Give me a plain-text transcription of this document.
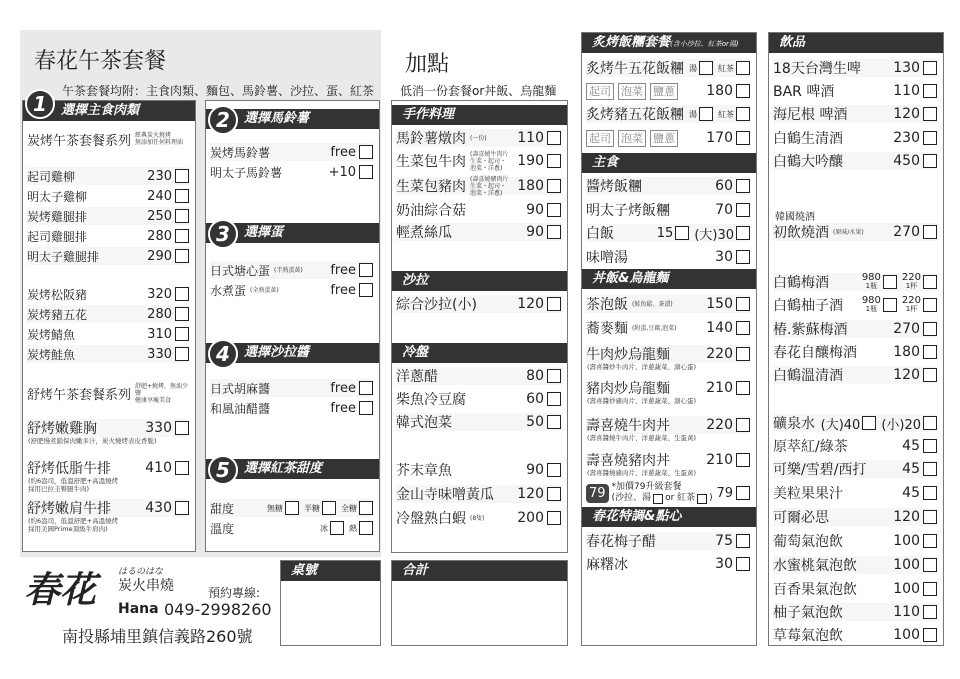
春花午茶套餐
午茶套餐均附：主食肉類、麵包、馬鈴薯、沙拉、蛋、紅茶
加點
低消一份套餐or丼飯、烏龍麵
選擇主食肉類
1
炭烤午茶套餐系列 經典炭火燒烤
無添加任何料理油
起司雞柳	230
明太子雞柳	240
炭烤雞腿排	250
起司雞腿排	280
明太子雞腿排	290
炭烤松阪豬	320
炭烤豬五花	280
炭烤鯖魚	310
炭烤鮭魚	330
舒烤午茶套餐系列
舒肥+燒烤，無油少鹽
健康享瘦美食
舒烤嫩雞胸	330
(舒肥慢煮鎖保肉嫩多汁，炭火燒烤表皮香脆)
舒烤低脂牛排 410
(約6盎司，低溫舒肥+高溫燒烤
採用巴拉圭臀腿牛肉)
舒烤嫩肩牛排 430
(約6盎司，低溫舒肥+高溫燒烤
採用美國Prime頂級牛肩肉)
選擇馬鈴薯
2
炭烤馬鈴薯	free
明太子馬鈴薯	+10
選擇蛋
3
日式塘心蛋 (半熟蛋黃) free
水煮蛋 (全熟蛋黃)	free
選擇沙拉醬
4
日式胡麻醬	free
和風油醋醬	free
選擇紅茶甜度
5
甜度	無糖	半糖	全糖
溫度	冰	熱
手作料理
馬鈴薯燉肉 (一份) 110
生菜包牛肉 (壽喜燒牛肉片
生菜・起司・
泡菜・洋蔥)	190
生菜包豬肉 (壽喜燒豬肉片
生菜・起司・
泡菜・洋蔥)	180
奶油綜合菇	90
輕煮絲瓜	90
沙拉
綜合沙拉(小)	120
冷盤
洋蔥醋	80
柴魚冷豆腐	60
韓式泡菜	50
芥末章魚	90
金山寺味噌黃瓜 120
冷盤熟白蝦 (8隻) 200
炙烤飯糰套餐(含小沙拉、紅茶or湯)
炙烤牛五花飯糰 湯	紅茶
起司 泡菜 鹽蔥 180
炙烤豬五花飯糰 湯	紅茶
起司 泡菜 鹽蔥 170
主食
醬烤飯糰	60
明太子烤飯糰	70
白飯	15 (大)30
味噌湯	30
丼飯&烏龍麵
茶泡飯 (鮭魚鬆、茶漬) 150
蕎麥麵 (附蛋,豆腐,泡菜) 140
牛肉炒烏龍麵	220
(壽喜醬炒牛肉片、洋蔥蔬菜、溏心蛋)
豬肉炒烏龍麵	210
(壽喜醬炒豬肉片、洋蔥蔬菜、溏心蛋)
壽喜燒牛肉丼	220
(壽喜醬燒牛肉片、洋蔥蔬菜、生蛋黃)
壽喜燒豬肉丼	210
(壽喜醬燒豬肉片、洋蔥蔬菜、生蛋黃)
79 *加價79升級套餐
(沙拉、湯 or 紅茶 ) 79
春花特調&點心
春花梅子醋	75
麻糬冰	30
飲品
18天台灣生啤 130
BAR 啤酒	110
海尼根 啤酒	120
白鶴生清酒	230
白鶴大吟釀	450
韓國燒酒
初飲燒酒 (原味/水果) 270
白鶴梅酒	980
1瓶
220
1杯
白鶴柚子酒 980
1瓶
220
1杯
椿.紫蘇梅酒	270
春花自釀梅酒	180
白鶴溫清酒	120
礦泉水 (大)40 (小)20
原萃紅/綠茶	45
可樂/雪碧/西打	45
美粒果果汁	45
可爾必思	120
葡萄氣泡飲	100
水蜜桃氣泡飲	100
百香果氣泡飲	100
柚子氣泡飲	110
草莓氣泡飲	100
桌號	合計
春花 はるのはな
炭火串燒	預約專線:
Hana 049-2998260
南投縣埔里鎮信義路260號
